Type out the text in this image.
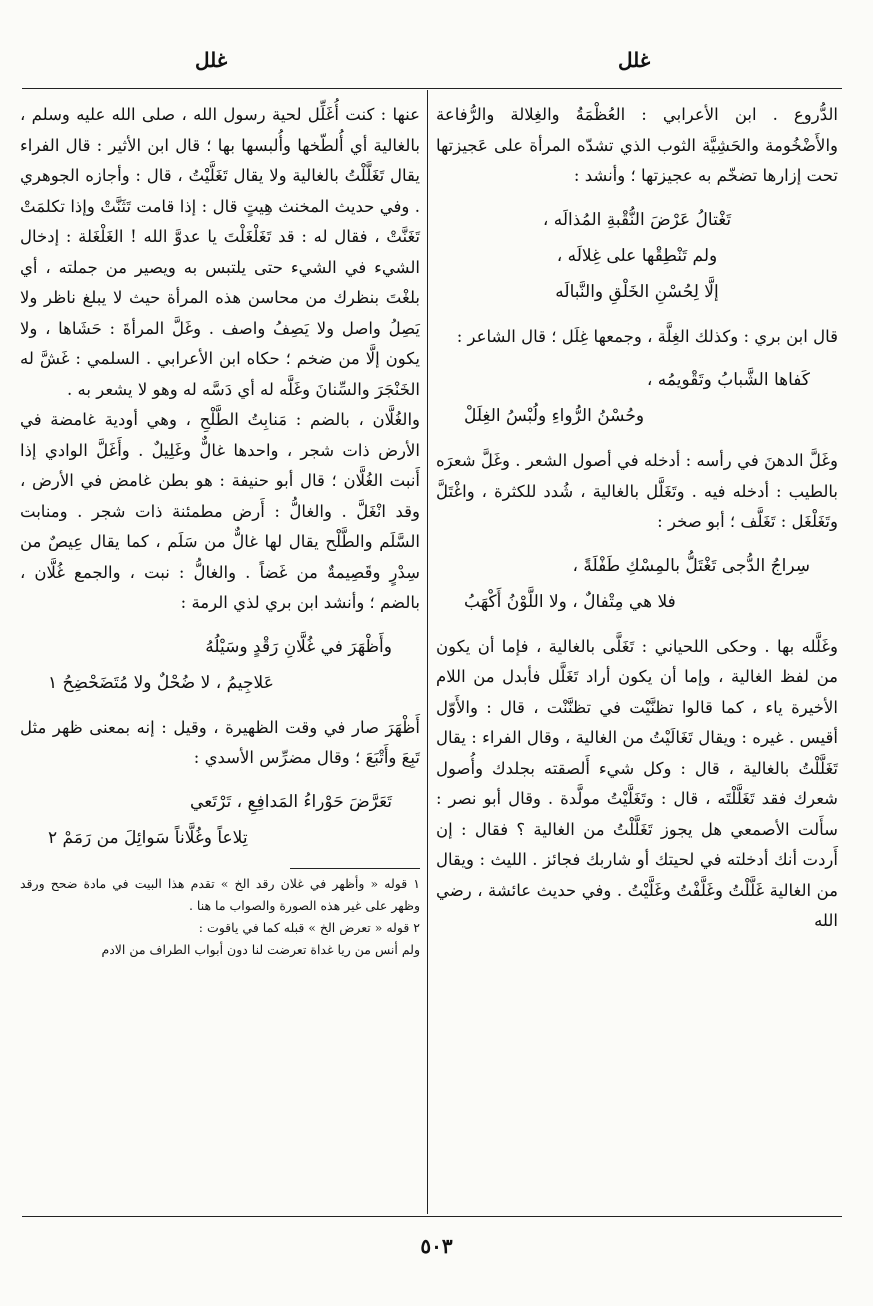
غلل	غلل

الدُّروع . ابن الأعرابي : العُظْمَةُ والغِلالة والرُّفاعة والأَضْخُومة والحَشِيَّة الثوب الذي تشدّه المرأة على عَجيزتها تحت إزارها تضخّم به عجيزتها ؛ وأنشد :

تَغْتالُ عَرْضَ النُّقْبةِ المُذالَه ،
ولم تَنْطِقْها على غِلالَه ،
إلَّا لِحُسْنِ الخَلْقِ والنَّبالَه

قال ابن بري : وكذلك الغِلَّة ، وجمعها غِلَل ؛ قال الشاعر :

كَفاها الشَّبابُ وتَقْويمُه ،
وحُسْنُ الرُّواءِ ولُبْسُ الغِلَلْ

وغَلَّ الدهنَ في رأسه : أدخله في أصول الشعر . وغَلَّ شعرَه بالطيب : أدخله فيه . وتَغَلَّل بالغالية ، شُدد للكثرة ، واغْتَلَّ وتَغَلْغَل : تَغَلَّف ؛ أبو صخر :

سِراجُ الدُّجى تَغْتَلُّ بالمِسْكِ طَفْلَةً ،
فلا هي مِتْفالٌ ، ولا اللَّوْنُ أَكْهَبُ

وغَلَّله بها . وحكى اللحياني : تَغَلَّى بالغالية ، فإما أن يكون من لفظ الغالية ، وإما أن يكون أراد تَغَلَّل فأبدل من اللام الأخيرة ياء ، كما قالوا تظنَّيْت في تظنَّنْت ، قال : والأَوّل أقيس . غيره : ويقال تَغَالَيْتُ من الغالية ، وقال الفراء : يقال تَغَلَّلْتُ بالغالية ، قال : وكل شيء أَلصقته بجلدك وأُصول شعرك فقد تَغَلَّلْتَه ، قال : وتَغَلَّيْتُ مولَّدة . وقال أبو نصر : سأَلت الأصمعي هل يجوز تَغَلَّلْتُ من الغالية ؟ فقال : إن أَردت أنك أدخلته في لحيتك أو شاربك فجائز . الليث : ويقال من الغالية غَلَّلْتُ وغَلَّفْتُ وغَلَّيْتُ . وفي حديث عائشة ، رضي الله

عنها : كنت أُغَلِّل لحية رسول الله ، صلى الله عليه وسلم ، بالغالية أي أُلطّخها وأُلبسها بها ؛ قال ابن الأثير : قال الفراء يقال تَغَلَّلْتُ بالغالية ولا يقال تَغَلَّيْتُ ، قال : وأجازه الجوهري . وفي حديث المخنث هِيتٍ قال : إذا قامت تَثَنَّتْ وإذا تكلمَتْ تَغَنَّتْ ، فقال له : قد تَغَلْغَلْتَ يا عدوَّ الله ! الغَلْغَلة : إدخال الشيء في الشيء حتى يلتبس به ويصير من جملته ، أي بلغْتَ بنظرك من محاسن هذه المرأة حيث لا يبلغ ناظر ولا يَصِلُ واصل ولا يَصِفُ واصف . وغَلَّ المرأةَ : حَشَاها ، ولا يكون إلَّا من ضخم ؛ حكاه ابن الأعرابي . السلمي : غَشَّ له الخَنْجَرَ والسِّنانَ وغَلَّه له أي دَسَّه له وهو لا يشعر به .

والغُلَّان ، بالضم : مَنابِتُ الطَّلْحِ ، وهي أودية غامضة في الأرض ذات شجر ، واحدها غالٌّ وغَلِيلٌ . وأَغَلَّ الوادي إذا أَنبت الغُلَّان ؛ قال أبو حنيفة : هو بطن غامض في الأرض ، وقد انْغَلَّ . والغالُّ : أَرض مطمئنة ذات شجر . ومنابت السَّلَم والطَّلْح يقال لها غالٌّ من سَلَم ، كما يقال عِيصٌ من سِدْرٍ وقَصِيمةٌ من غَضاً . والغالُّ : نبت ، والجمع غُلَّان ، بالضم ؛ وأنشد ابن بري لذي الرمة :

وأَظْهَرَ في غُلَّانِ رَقْدٍ وسَيْلُهُ
عَلاجِيمُ ، لا ضُحْلٌ ولا مُتَضَحْضِحُ ١

أَظْهَرَ صار في وقت الظهيرة ، وقيل : إنه بمعنى ظهر مثل تَبِعَ وأَتْبَعَ ؛ وقال مضرِّس الأسدي :

تَعَرَّضَ حَوْراءُ المَدافِعِ ، تَرْتَعي
تِلاعاً وغُلَّاناً سَوائِلَ من رَمَمْ ٢

١ قوله « وأظهر في غلان رقد الخ » تقدم هذا البيت في مادة ضحح ورقد وظهر على غير هذه الصورة والصواب ما هنا .

٢ قوله « تعرض الخ » قبله كما في ياقوت :

ولم أنس من ريا غداة تعرضت لنا دون أبواب الطراف من الادم

٥٠٣
